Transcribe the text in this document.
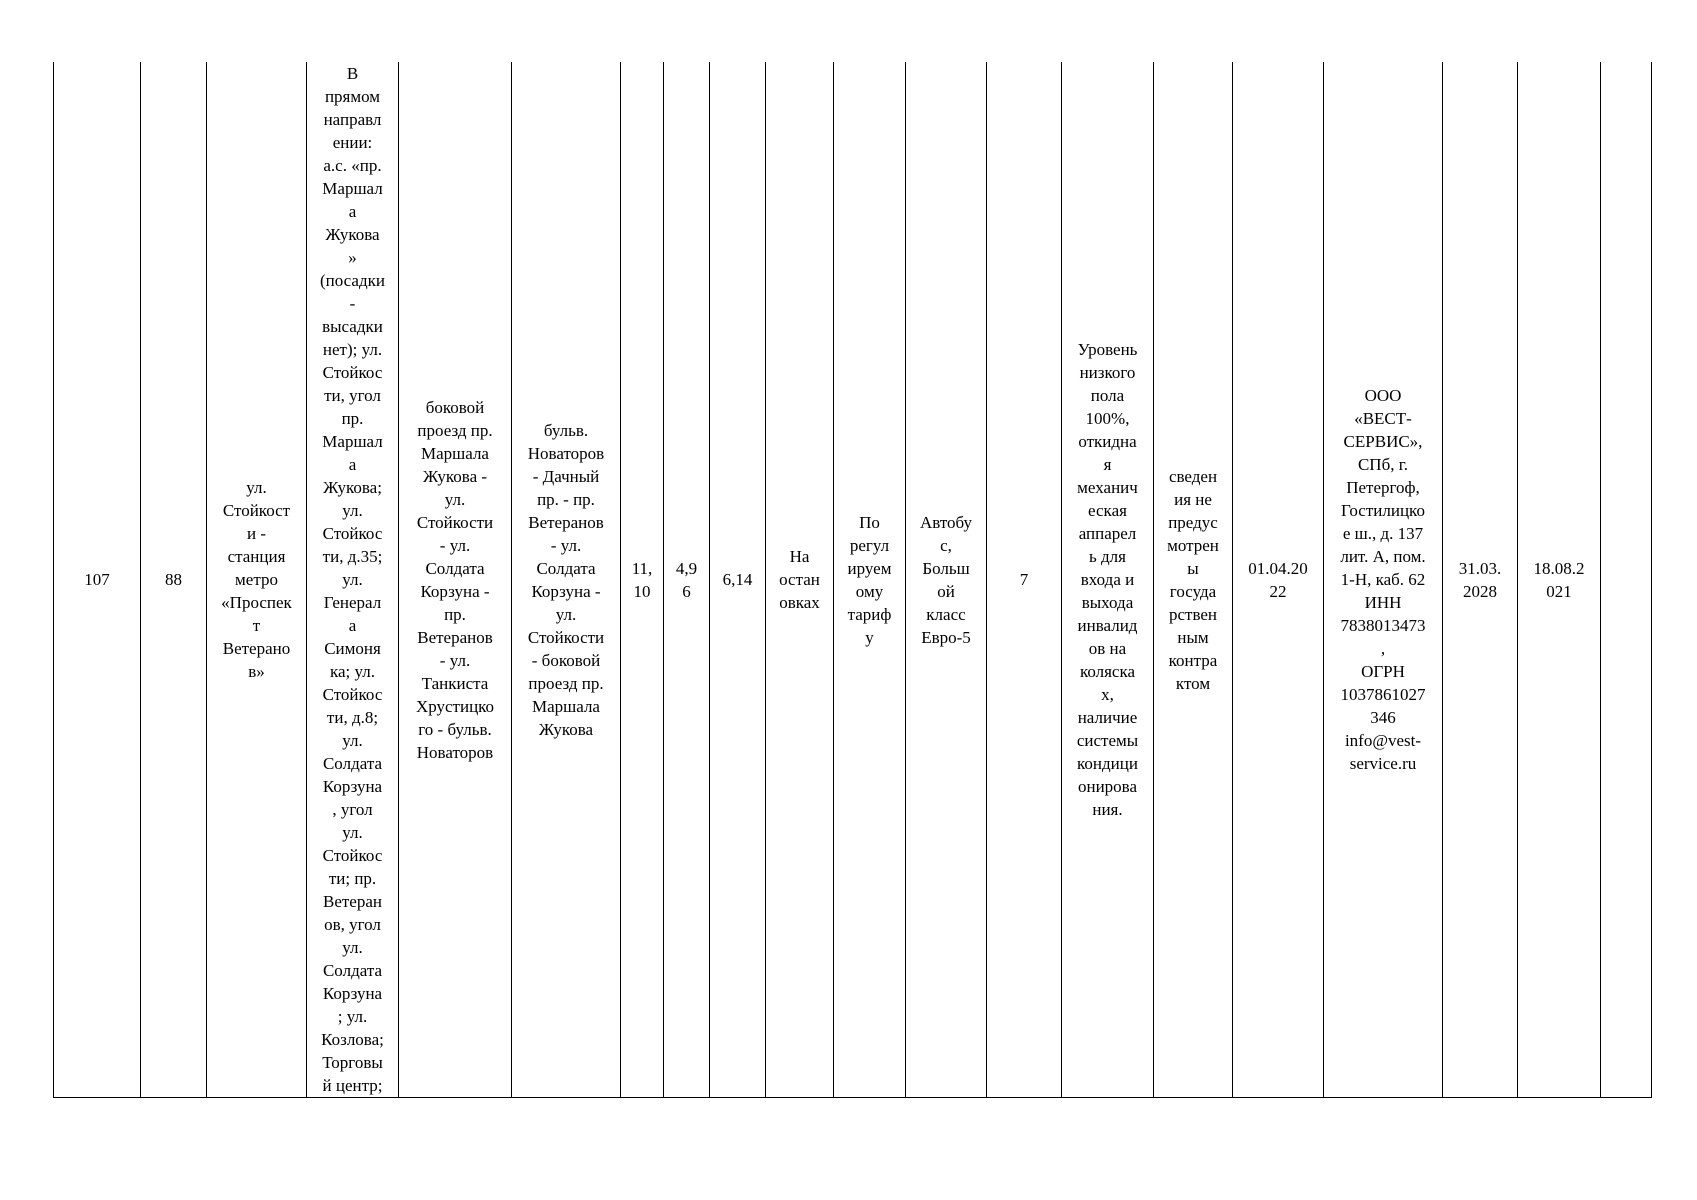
107	88	ул.
Стойкост
и -
станция
метро
«Проспек
т
Ветерано
в»	В
прямом
направл
ении:
а.с. «пр.
Маршал
а
Жукова
»
(посадки
-
высадки
нет); ул.
Стойкос
ти, угол
пр.
Маршал
а
Жукова;
ул.
Стойкос
ти, д.35;
ул.
Генерал
а
Симоня
ка; ул.
Стойкос
ти, д.8;
ул.
Солдата
Корзуна
, угол
ул.
Стойкос
ти; пр.
Ветеран
ов, угол
ул.
Солдата
Корзуна
; ул.
Козлова;
Торговы
й центр;	боковой
проезд пр.
Маршала
Жукова -
ул.
Стойкости
- ул.
Солдата
Корзуна -
пр.
Ветеранов
- ул.
Танкиста
Хрустицко
го - бульв.
Новаторов	бульв.
Новаторов
- Дачный
пр. - пр.
Ветеранов
- ул.
Солдата
Корзуна -
ул.
Стойкости
- боковой
проезд пр.
Маршала
Жукова	11,
10	4,9
6	6,14	На
остан
овках	По
регул
ируем
ому
тариф
у	Автобу
с,
Больш
ой
класс
Евро-5	7	Уровень
низкого
пола
100%,
откидна
я
механич
еская
аппарел
ь для
входа и
выхода
инвалид
ов на
коляска
х,
наличие
системы
кондици
онирова
ния.	сведен
ия не
предус
мотрен
ы
госуда
рствен
ным
контра
ктом	01.04.20
22	ООО
«ВЕСТ-
СЕРВИС»,
СПб, г.
Петергоф,
Гостилицко
е ш., д. 137
лит. А, пом.
1-Н, каб. 62
ИНН
7838013473
,
ОГРН
1037861027
346
info@vest-
service.ru	31.03.
2028	18.08.2
021	
